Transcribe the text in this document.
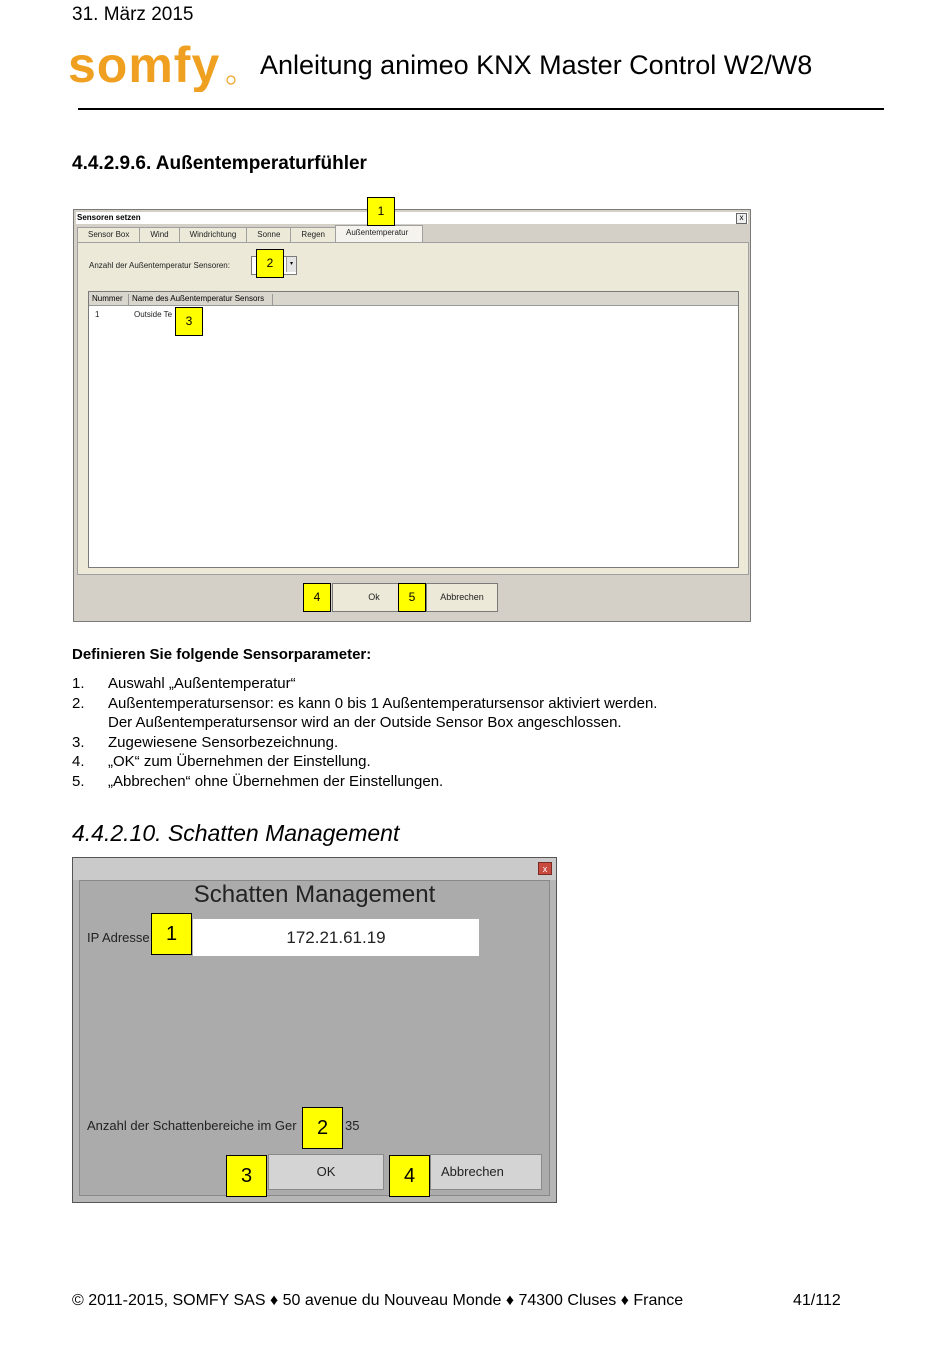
31. März 2015
somfy Anleitung animeo KNX Master Control W2/W8
4.4.2.9.6. Außentemperaturfühler
Sensoren setzen	x
Sensor Box	Wind	Windrichtung	Sonne	Regen	Außentemperatur
Anzahl der Außentemperatur Sensoren:	▾
Nummer	Name des Außentemperatur Sensors
1	Outside Te
Ok	Abbrechen
1
2
3
4	5
Definieren Sie folgende Sensorparameter:
1.	Auswahl „Außentemperatur“
2.	Außentemperatursensor: es kann 0 bis 1 Außentemperatursensor aktiviert werden.
Der Außentemperatursensor wird an der Outside Sensor Box angeschlossen.
3.	Zugewiesene Sensorbezeichnung.
4.	„OK“ zum Übernehmen der Einstellung.
5.	„Abbrechen“ ohne Übernehmen der Einstellungen.
4.4.2.10. Schatten Management
x
Schatten Management
IP Adresse	172.21.61.19
Anzahl der Schattenbereiche im Ger	35
OK	Abbrechen
1
2
3	4
© 2011-2015, SOMFY SAS ♦ 50 avenue du Nouveau Monde ♦ 74300 Cluses ♦ France	41/112
